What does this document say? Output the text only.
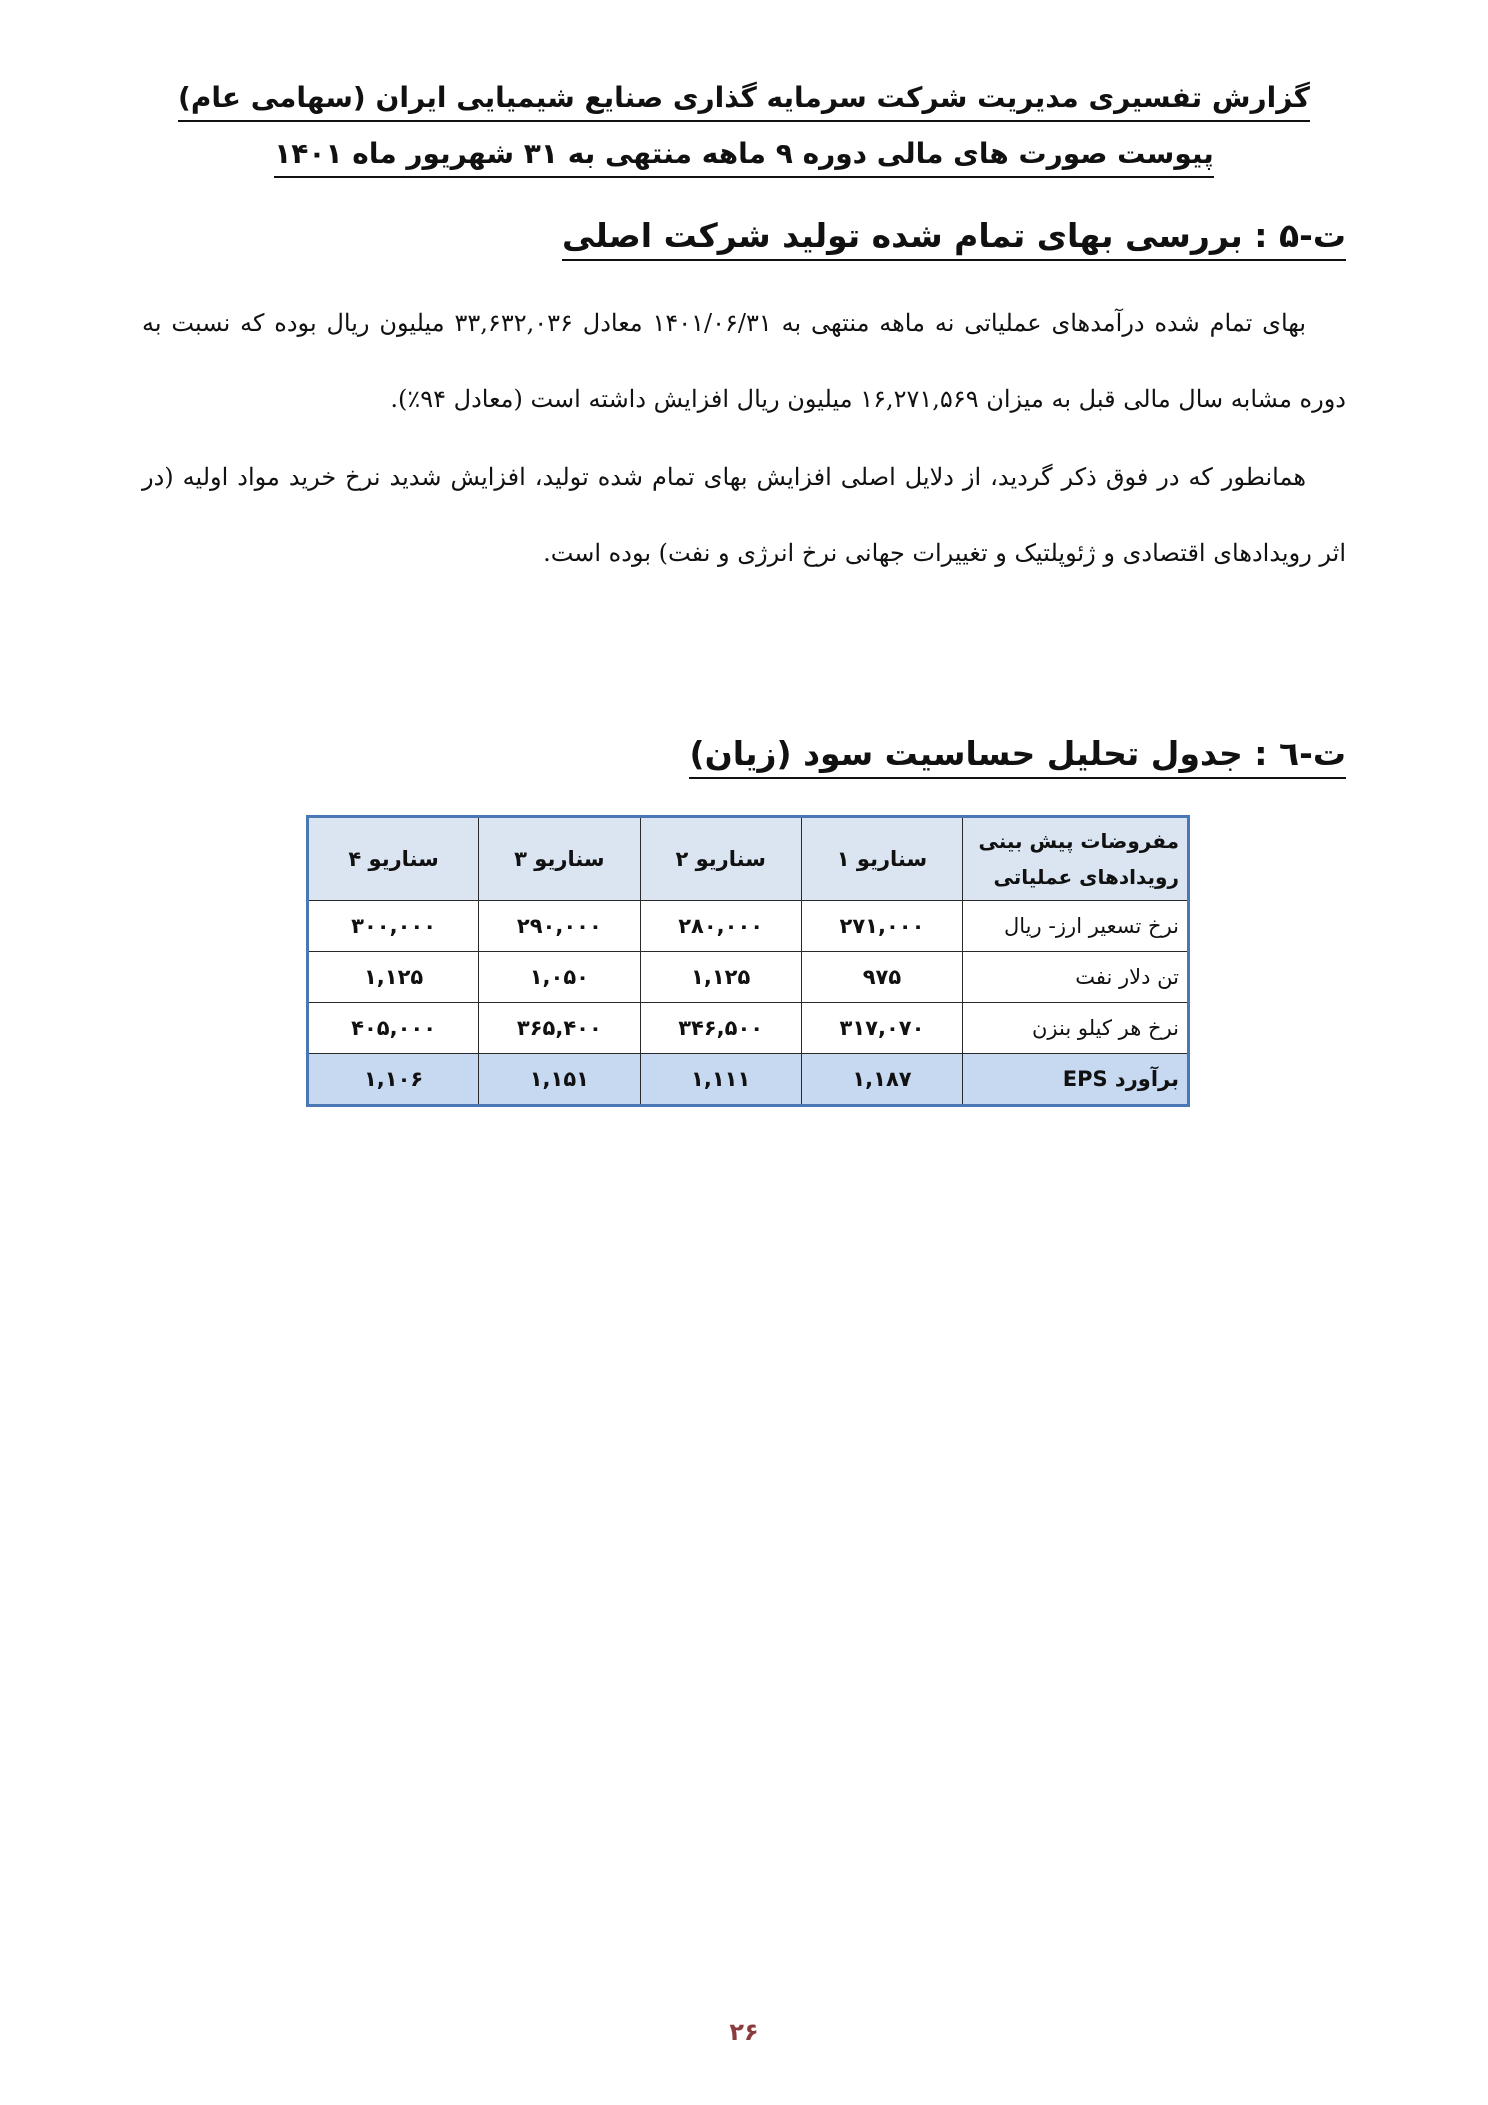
گزارش تفسیری مدیریت شرکت سرمایه گذاری صنایع شیمیایی ایران (سهامی عام)
پیوست صورت های مالی دوره ۹ ماهه منتهی به ۳۱ شهریور ماه ۱۴۰۱
ت-۵ : بررسی بهای تمام شده تولید شرکت اصلی
بهای تمام شده درآمدهای عملیاتی نه ماهه منتهی به ۱۴۰۱/۰۶/۳۱ معادل ۳۳,۶۳۲,۰۳۶ میلیون ریال بوده که نسبت به دوره مشابه سال مالی قبل به میزان ۱۶,۲۷۱,۵۶۹ میلیون ریال افزایش داشته است (معادل ۹۴٪).
همانطور که در فوق ذکر گردید، از دلایل اصلی افزایش بهای تمام شده تولید، افزایش شدید نرخ خرید مواد اولیه (در اثر رویدادهای اقتصادی و ژئوپلتیک و تغییرات جهانی نرخ انرژی و نفت) بوده است.
ت-٦ : جدول تحلیل حساسیت سود (زیان)
مفروضات پیش بینی
رویدادهای عملیاتی	سناریو ۱	سناریو ۲	سناریو ۳	سناریو ۴
نرخ تسعیر ارز- ریال	۲۷۱,۰۰۰	۲۸۰,۰۰۰	۲۹۰,۰۰۰	۳۰۰,۰۰۰
تن دلار نفت	۹۷۵	۱,۱۲۵	۱,۰۵۰	۱,۱۲۵
نرخ هر کیلو بنزن	۳۱۷,۰۷۰	۳۴۶,۵۰۰	۳۶۵,۴۰۰	۴۰۵,۰۰۰
برآورد EPS	۱,۱۸۷	۱,۱۱۱	۱,۱۵۱	۱,۱۰۶
۲۶
